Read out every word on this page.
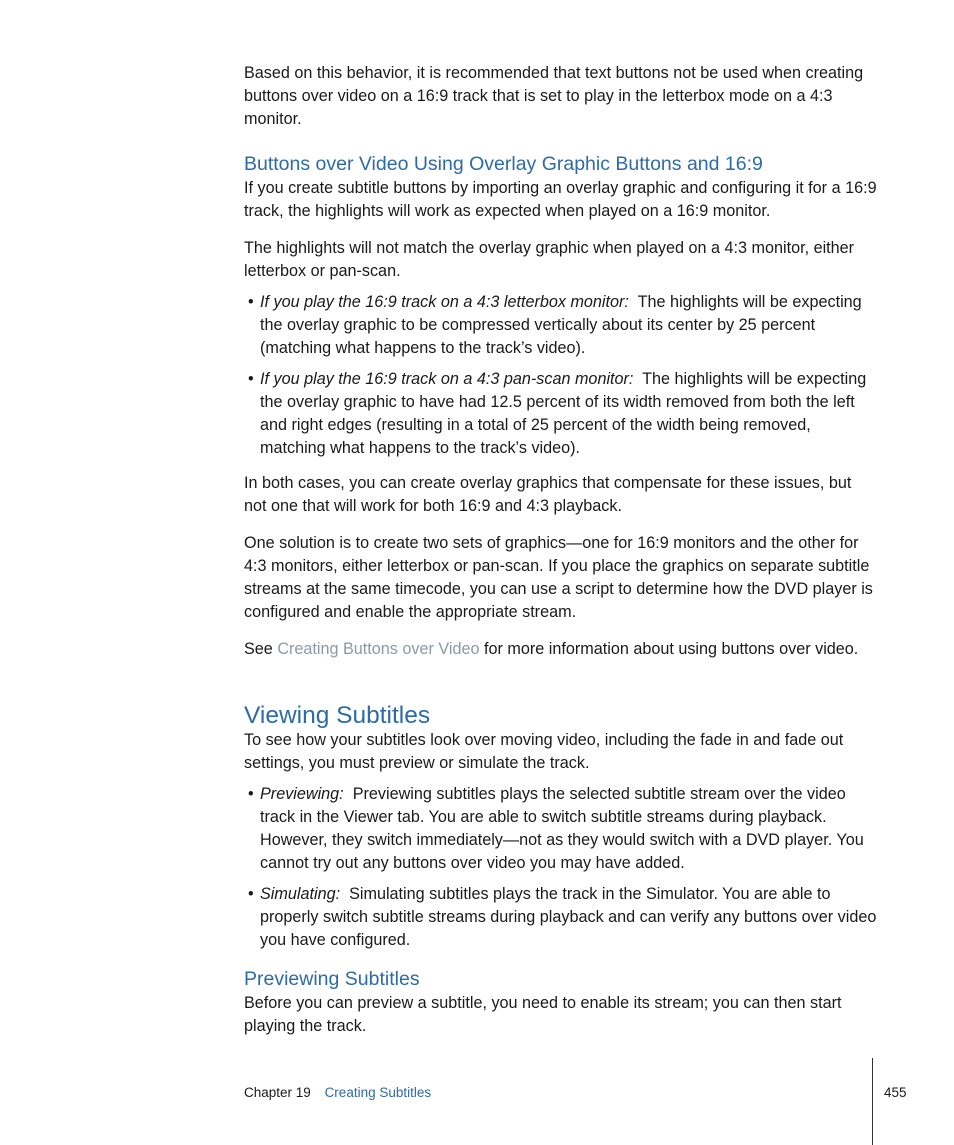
Based on this behavior, it is recommended that text buttons not be used when creating buttons over video on a 16:9 track that is set to play in the letterbox mode on a 4:3 monitor.

Buttons over Video Using Overlay Graphic Buttons and 16:9

If you create subtitle buttons by importing an overlay graphic and configuring it for a 16:9 track, the highlights will work as expected when played on a 16:9 monitor.

The highlights will not match the overlay graphic when played on a 4:3 monitor, either letterbox or pan-scan.

• If you play the 16:9 track on a 4:3 letterbox monitor: The highlights will be expecting the overlay graphic to be compressed vertically about its center by 25 percent (matching what happens to the track’s video).
• If you play the 16:9 track on a 4:3 pan-scan monitor: The highlights will be expecting the overlay graphic to have had 12.5 percent of its width removed from both the left and right edges (resulting in a total of 25 percent of the width being removed, matching what happens to the track’s video).

In both cases, you can create overlay graphics that compensate for these issues, but not one that will work for both 16:9 and 4:3 playback.

One solution is to create two sets of graphics—one for 16:9 monitors and the other for 4:3 monitors, either letterbox or pan-scan. If you place the graphics on separate subtitle streams at the same timecode, you can use a script to determine how the DVD player is configured and enable the appropriate stream.

See Creating Buttons over Video for more information about using buttons over video.

Viewing Subtitles

To see how your subtitles look over moving video, including the fade in and fade out settings, you must preview or simulate the track.

• Previewing: Previewing subtitles plays the selected subtitle stream over the video track in the Viewer tab. You are able to switch subtitle streams during playback. However, they switch immediately—not as they would switch with a DVD player. You cannot try out any buttons over video you may have added.
• Simulating: Simulating subtitles plays the track in the Simulator. You are able to properly switch subtitle streams during playback and can verify any buttons over video you have configured.
Previewing Subtitles

Before you can preview a subtitle, you need to enable its stream; you can then start playing the track.

Chapter 19 Creating Subtitles	455
